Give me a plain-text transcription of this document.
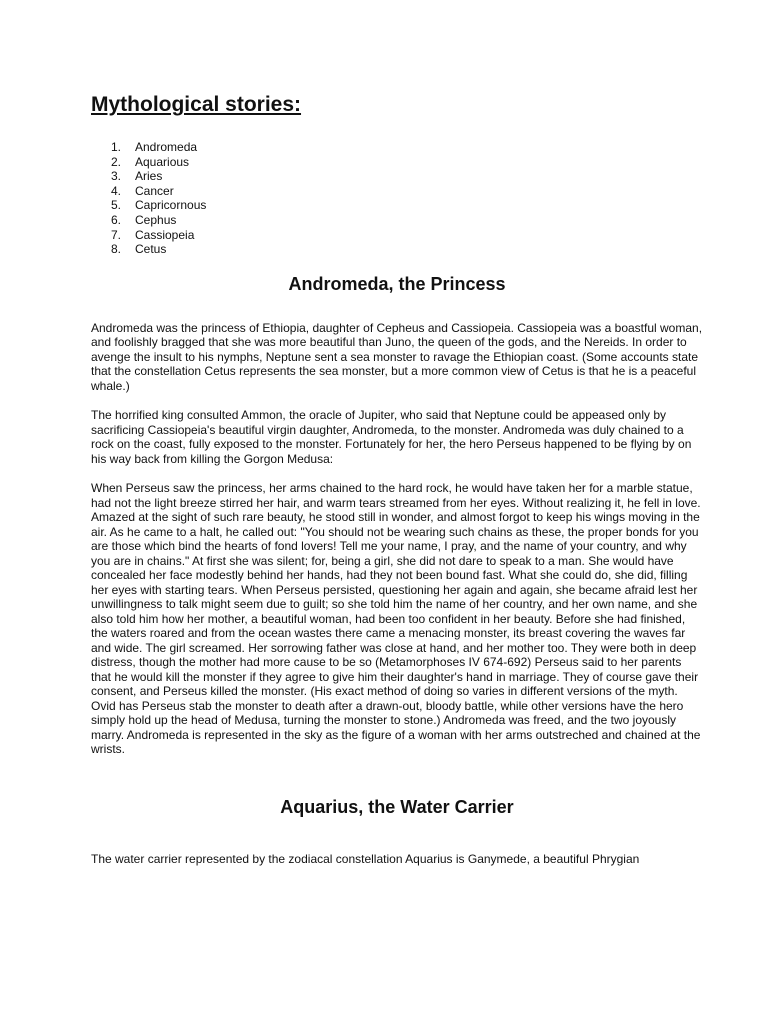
Mythological stories:
1.	Andromeda
2.	Aquarious
3.	Aries
4.	Cancer
5.	Capricornous
6.	Cephus
7.	Cassiopeia
8.	Cetus
Andromeda, the Princess

Andromeda was the princess of Ethiopia, daughter of Cepheus and Cassiopeia. Cassiopeia was a boastful woman, and foolishly bragged that she was more beautiful than Juno, the queen of the gods, and the Nereids. In order to avenge the insult to his nymphs, Neptune sent a sea monster to ravage the Ethiopian coast. (Some accounts state that the constellation Cetus represents the sea monster, but a more common view of Cetus is that he is a peaceful whale.)

The horrified king consulted Ammon, the oracle of Jupiter, who said that Neptune could be appeased only by sacrificing Cassiopeia's beautiful virgin daughter, Andromeda, to the monster. Andromeda was duly chained to a rock on the coast, fully exposed to the monster. Fortunately for her, the hero Perseus happened to be flying by on his way back from killing the Gorgon Medusa:

When Perseus saw the princess, her arms chained to the hard rock, he would have taken her for a marble statue, had not the light breeze stirred her hair, and warm tears streamed from her eyes. Without realizing it, he fell in love. Amazed at the sight of such rare beauty, he stood still in wonder, and almost forgot to keep his wings moving in the air. As he came to a halt, he called out: "You should not be wearing such chains as these, the proper bonds for you are those which bind the hearts of fond lovers! Tell me your name, I pray, and the name of your country, and why you are in chains." At first she was silent; for, being a girl, she did not dare to speak to a man. She would have concealed her face modestly behind her hands, had they not been bound fast. What she could do, she did, filling her eyes with starting tears. When Perseus persisted, questioning her again and again, she became afraid lest her unwillingness to talk might seem due to guilt; so she told him the name of her country, and her own name, and she also told him how her mother, a beautiful woman, had been too confident in her beauty. Before she had finished, the waters roared and from the ocean wastes there came a menacing monster, its breast covering the waves far and wide. The girl screamed. Her sorrowing father was close at hand, and her mother too. They were both in deep distress, though the mother had more cause to be so (Metamorphoses IV 674-692) Perseus said to her parents that he would kill the monster if they agree to give him their daughter's hand in marriage. They of course gave their consent, and Perseus killed the monster. (His exact method of doing so varies in different versions of the myth. Ovid has Perseus stab the monster to death after a drawn-out, bloody battle, while other versions have the hero simply hold up the head of Medusa, turning the monster to stone.) Andromeda was freed, and the two joyously marry. Andromeda is represented in the sky as the figure of a woman with her arms outstreched and chained at the wrists.

Aquarius, the Water Carrier

The water carrier represented by the zodiacal constellation Aquarius is Ganymede, a beautiful Phrygian
